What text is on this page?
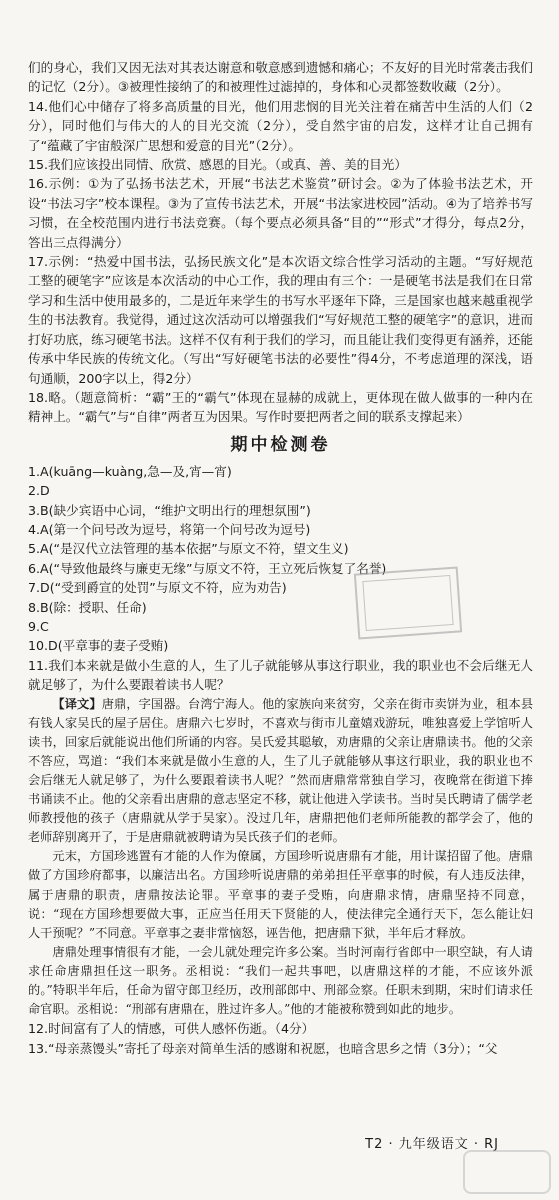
们的身心，我们又因无法对其表达谢意和敬意感到遗憾和痛心；不友好的目光时常袭击我们的记忆（2分）。③被理性接纳了的和被理性过滤掉的，身体和心灵都签数收藏（2分）。

14.他们心中储存了将多高质量的目光，他们用悲悯的目光关注着在痛苦中生活的人们（2分），同时他们与伟大的人的目光交流（2分），受自然宇宙的启发，这样才让自己拥有了“蕴藏了宇宙般深广思想和爱意的目光”（2分）。

15.我们应该投出同情、欣赏、感恩的目光。（或真、善、美的目光）

16.示例：①为了弘扬书法艺术，开展“书法艺术鉴赏”研讨会。②为了体验书法艺术，开设“书法习字”校本课程。③为了宣传书法艺术，开展“书法家进校园”活动。④为了培养书写习惯，在全校范围内进行书法竞赛。（每个要点必须具备“目的”“形式”才得分，每点2分，答出三点得满分）

17.示例：“热爱中国书法，弘扬民族文化”是本次语文综合性学习活动的主题。“写好规范工整的硬笔字”应该是本次活动的中心工作，我的理由有三个：一是硬笔书法是我们在日常学习和生活中使用最多的，二是近年来学生的书写水平逐年下降，三是国家也越来越重视学生的书法教育。我觉得，通过这次活动可以增强我们“写好规范工整的硬笔字”的意识，进而打好功底，练习硬笔书法。这样不仅有利于我们的学习，而且能让我们变得更有涵养，还能传承中华民族的传统文化。（写出“写好硬笔书法的必要性”得4分，不考虑道理的深浅，语句通顺，200字以上，得2分）

18.略。（题意简析：“霸”王的“霸气”体现在显赫的成就上，更体现在做人做事的一种内在精神上。“霸气”与“自律”两者互为因果。写作时要把两者之间的联系支撑起来）

期中检测卷

1.A(kuāng—kuàng,急—及,宵—宵)

2.D

3.B(缺少宾语中心词，“维护文明出行的理想氛围”)

4.A(第一个问号改为逗号，将第一个问号改为逗号)

5.A(“是汉代立法管理的基本依据”与原文不符，望文生义)

6.A(“导致他最终与廉吏无缘”与原文不符，王立死后恢复了名誉)

7.D(“受到爵宣的处罚”与原文不符，应为劝告)

8.B(除：授职、任命)

9.C

10.D(平章事的妻子受贿)

11.我们本来就是做小生意的人，生了儿子就能够从事这行职业，我的职业也不会后继无人就足够了，为什么要跟着读书人呢？

【译文】唐鼎，字国器。台湾宁海人。他的家族向来贫穷，父亲在街市卖饼为业，租本县有钱人家吴氏的屋子居住。唐鼎六七岁时，不喜欢与街市儿童嬉戏游玩，唯独喜爱上学馆听人读书，回家后就能说出他们所诵的内容。吴氏爱其聪敏，劝唐鼎的父亲让唐鼎读书。他的父亲不答应，骂道：“我们本来就是做小生意的人，生了儿子就能够从事这行职业，我的职业也不会后继无人就足够了，为什么要跟着读书人呢？”然而唐鼎常常独自学习，夜晚常在街道下捧书诵读不止。他的父亲看出唐鼎的意志坚定不移，就让他进入学读书。当时吴氏聘请了儒学老师教授他的孩子（唐鼎就从学于吴家）。没过几年，唐鼎把他们老师所能教的都学会了，他的老师辞别离开了，于是唐鼎就被聘请为吴氏孩子们的老师。

元末，方国珍逃置有才能的人作为僚属，方国珍听说唐鼎有才能，用计谋招留了他。唐鼎做了方国珍府都事，以廉洁出名。方国珍听说唐鼎的弟弟担任平章事的时候，有人违反法律，属于唐鼎的职责，唐鼎按法论罪。平章事的妻子受贿，向唐鼎求情，唐鼎坚持不同意，说：“现在方国珍想要做大事，正应当任用天下贤能的人，使法律完全通行天下，怎么能让妇人干预呢？”不同意。平章事之妻非常恼怒，诬告他，把唐鼎下狱，半年后才释放。

唐鼎处理事情很有才能，一会儿就处理完许多公案。当时河南行省郎中一职空缺，有人请求任命唐鼎担任这一职务。丞相说：“我们一起共事吧，以唐鼎这样的才能，不应该外派的。”特职半年后，任命为留守郎卫经历，改刑部郎中、刑部佥察。任职未到期，宋时们请求任命官职。丞相说：“刑部有唐鼎在，胜过许多人。”他的才能被称赞到如此的地步。

12.时间富有了人的情感，可供人感怀伤逝。（4分）

13.“母亲蒸馒头”寄托了母亲对简单生活的感谢和祝愿，也暗含思乡之情（3分）；“父

T2 · 九年级语文 · RJ
